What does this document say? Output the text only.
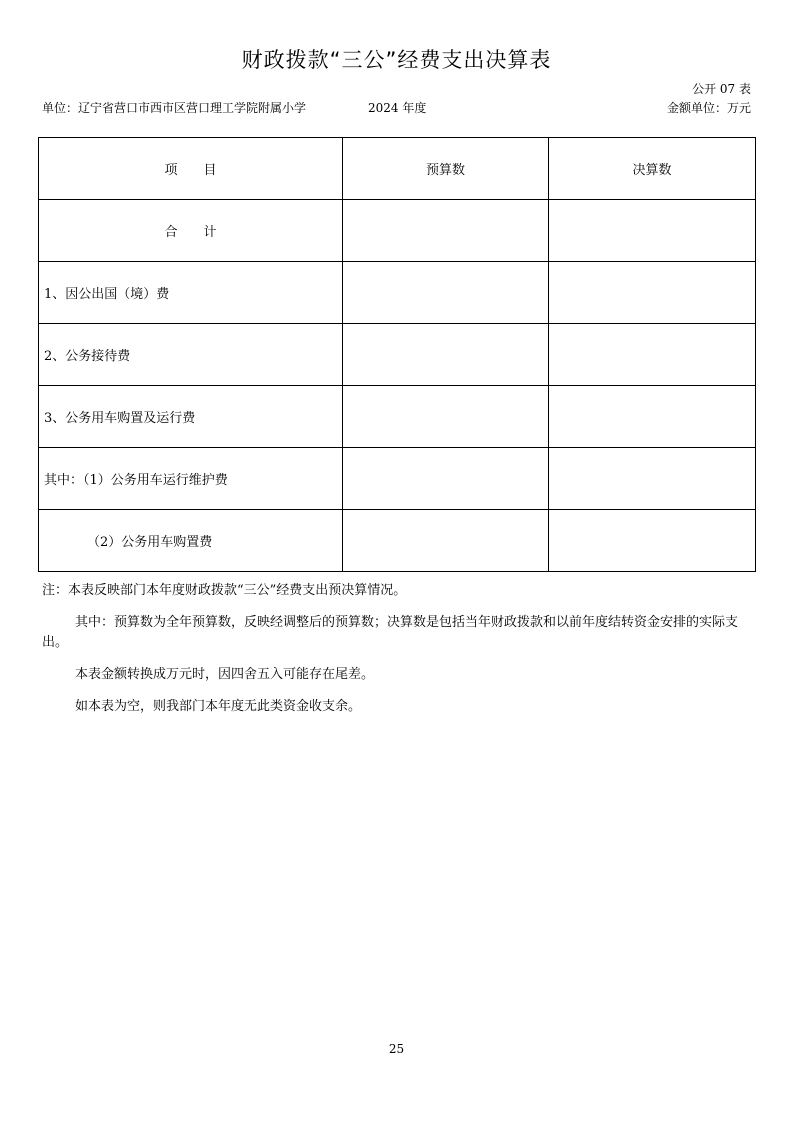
财政拨款“三公”经费支出决算表
公开 07 表
单位：辽宁省营口市西市区营口理工学院附属小学	2024 年度	金额单位：万元
项　　目	预算数	决算数
合　　计		
1、因公出国（境）费		
2、公务接待费		
3、公务用车购置及运行费		
其中：（1）公务用车运行维护费		
（2）公务用车购置费		

注：本表反映部门本年度财政拨款“三公”经费支出预决算情况。

其中：预算数为全年预算数，反映经调整后的预算数；决算数是包括当年财政拨款和以前年度结转资金安排的实际支出。

本表金额转换成万元时，因四舍五入可能存在尾差。

如本表为空，则我部门本年度无此类资金收支余。

25
